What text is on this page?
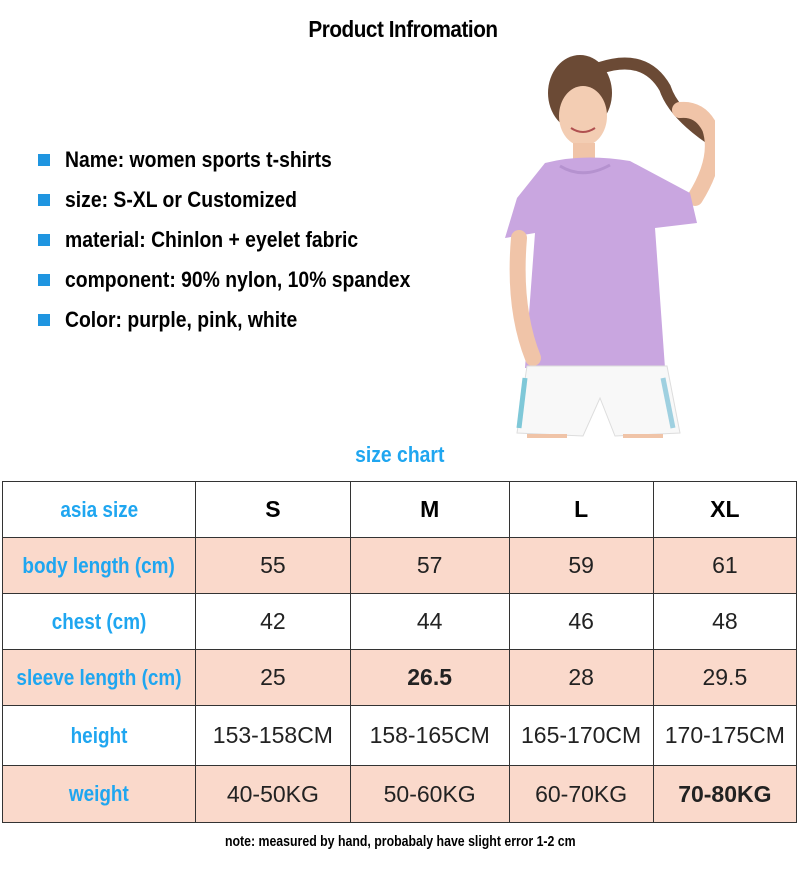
Product Infromation
Name: women sports t-shirts
size: S-XL or Customized
material: Chinlon + eyelet fabric
component: 90% nylon, 10% spandex
Color: purple, pink, white
size chart
asia size	S	M	L	XL
body length (cm)	55	57	59	61
chest (cm)	42	44	46	48
sleeve length (cm)	25	26.5	28	29.5
height	153-158CM	158-165CM	165-170CM	170-175CM
weight	40-50KG	50-60KG	60-70KG	70-80KG
note: measured by hand, probabaly have slight error 1-2 cm
